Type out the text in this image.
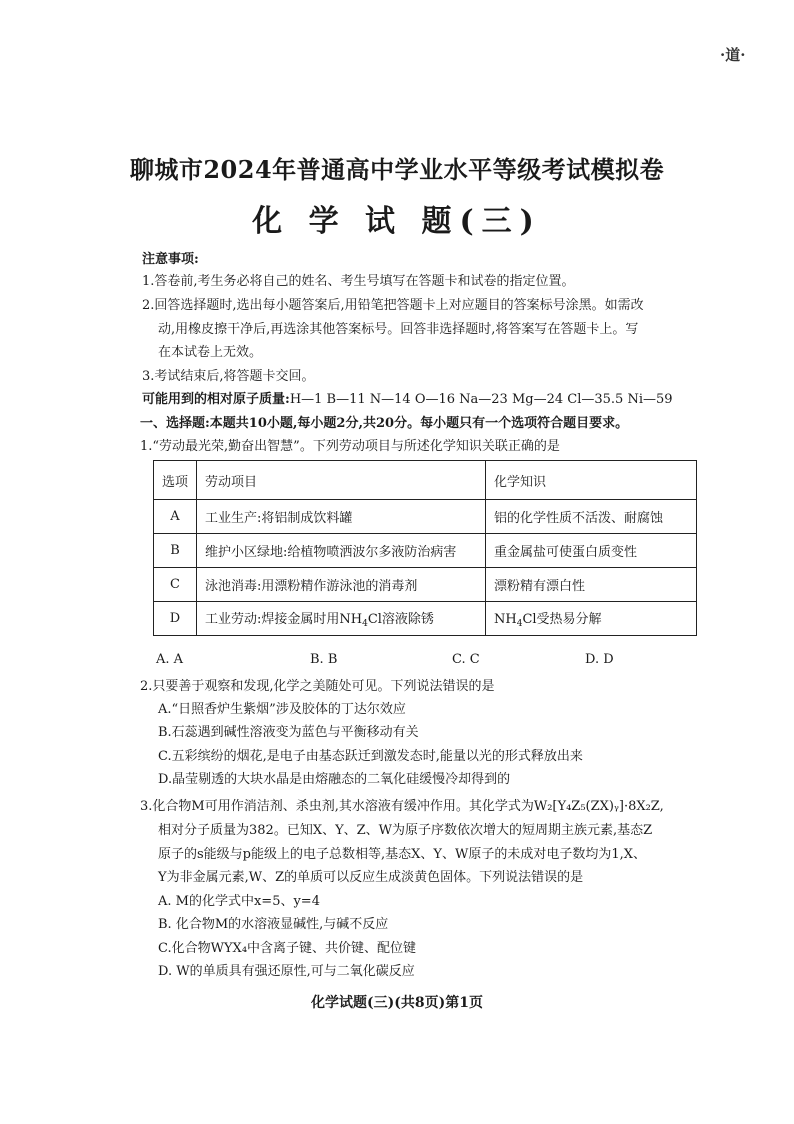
·道·
聊城市2024年普通高中学业水平等级考试模拟卷
化 学 试 题(三)
注意事项:
1.答卷前,考生务必将自己的姓名、考生号填写在答题卡和试卷的指定位置。
2.回答选择题时,选出每小题答案后,用铅笔把答题卡上对应题目的答案标号涂黑。如需改
动,用橡皮擦干净后,再选涂其他答案标号。回答非选择题时,将答案写在答题卡上。写
在本试卷上无效。
3.考试结束后,将答题卡交回。
可能用到的相对原子质量:H—1 B—11 N—14 O—16 Na—23 Mg—24 Cl—35.5 Ni—59
一、选择题:本题共10小题,每小题2分,共20分。每小题只有一个选项符合题目要求。
1.“劳动最光荣,勤奋出智慧”。下列劳动项目与所述化学知识关联正确的是
选项	劳动项目	化学知识
A	工业生产:将铝制成饮料罐	铝的化学性质不活泼、耐腐蚀
B	维护小区绿地:给植物喷洒波尔多液防治病害	重金属盐可使蛋白质变性
C	泳池消毒:用漂粉精作游泳池的消毒剂	漂粉精有漂白性
D	工业劳动:焊接金属时用$NH_4Cl$溶液除锈	$NH_4Cl$受热易分解
A. A	B. B	C. C	D. D
2.只要善于观察和发现,化学之美随处可见。下列说法错误的是
A.“日照香炉生紫烟”涉及胶体的丁达尔效应
B.石蕊遇到碱性溶液变为蓝色与平衡移动有关
C.五彩缤纷的烟花,是电子由基态跃迁到激发态时,能量以光的形式释放出来
D.晶莹剔透的大块水晶是由熔融态的二氧化硅缓慢冷却得到的
3.化合物M可用作消洁剂、杀虫剂,其水溶液有缓冲作用。其化学式为W₂[Y₄Z₅(ZX)ᵧ]·8X₂Z,
相对分子质量为382。已知X、Y、Z、W为原子序数依次增大的短周期主族元素,基态Z
原子的s能级与p能级上的电子总数相等,基态X、Y、W原子的未成对电子数均为1,X、
Y为非金属元素,W、Z的单质可以反应生成淡黄色固体。下列说法错误的是
A. M的化学式中x=5、y=4
B. 化合物M的水溶液显碱性,与碱不反应
C.化合物WYX₄中含离子键、共价键、配位键
D. W的单质具有强还原性,可与二氧化碳反应
化学试题(三)(共8页)第1页
